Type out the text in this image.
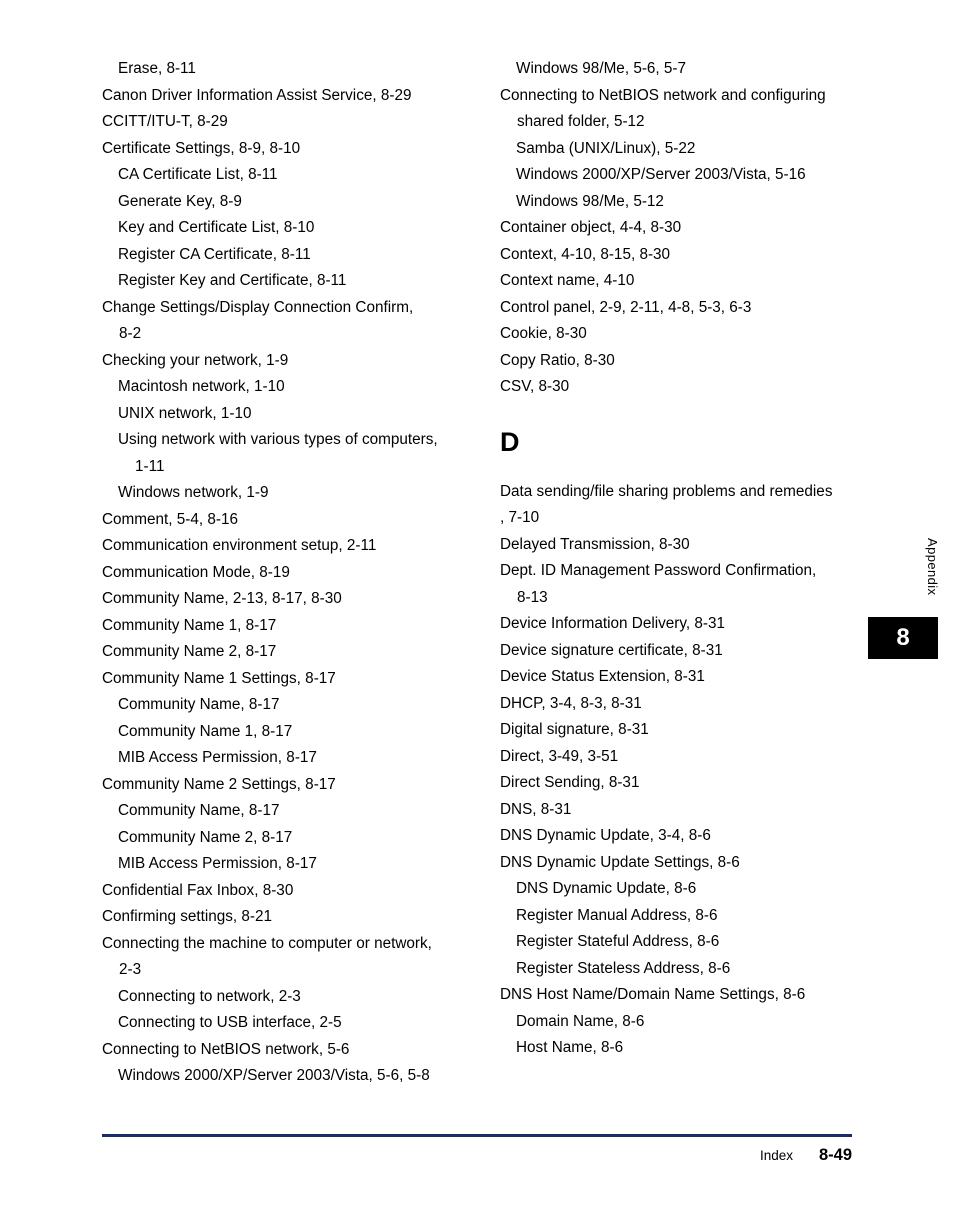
Erase, 8-11
Canon Driver Information Assist Service, 8-29
CCITT/ITU-T, 8-29
Certificate Settings, 8-9, 8-10
CA Certificate List, 8-11
Generate Key, 8-9
Key and Certificate List, 8-10
Register CA Certificate, 8-11
Register Key and Certificate, 8-11
Change Settings/Display Connection Confirm,
8-2
Checking your network, 1-9
Macintosh network, 1-10
UNIX network, 1-10
Using network with various types of computers,
1-11
Windows network, 1-9
Comment, 5-4, 8-16
Communication environment setup, 2-11
Communication Mode, 8-19
Community Name, 2-13, 8-17, 8-30
Community Name 1, 8-17
Community Name 2, 8-17
Community Name 1 Settings, 8-17
Community Name, 8-17
Community Name 1, 8-17
MIB Access Permission, 8-17
Community Name 2 Settings, 8-17
Community Name, 8-17
Community Name 2, 8-17
MIB Access Permission, 8-17
Confidential Fax Inbox, 8-30
Confirming settings, 8-21
Connecting the machine to computer or network,
2-3
Connecting to network, 2-3
Connecting to USB interface, 2-5
Connecting to NetBIOS network, 5-6
Windows 2000/XP/Server 2003/Vista, 5-6, 5-8
Windows 98/Me, 5-6, 5-7
Connecting to NetBIOS network and configuring
shared folder, 5-12
Samba (UNIX/Linux), 5-22
Windows 2000/XP/Server 2003/Vista, 5-16
Windows 98/Me, 5-12
Container object, 4-4, 8-30
Context, 4-10, 8-15, 8-30
Context name, 4-10
Control panel, 2-9, 2-11, 4-8, 5-3, 6-3
Cookie, 8-30
Copy Ratio, 8-30
CSV, 8-30
D
Data sending/file sharing problems and remedies
, 7-10
Delayed Transmission, 8-30
Dept. ID Management Password Confirmation,
8-13
Device Information Delivery, 8-31
Device signature certificate, 8-31
Device Status Extension, 8-31
DHCP, 3-4, 8-3, 8-31
Digital signature, 8-31
Direct, 3-49, 3-51
Direct Sending, 8-31
DNS, 8-31
DNS Dynamic Update, 3-4, 8-6
DNS Dynamic Update Settings, 8-6
DNS Dynamic Update, 8-6
Register Manual Address, 8-6
Register Stateful Address, 8-6
Register Stateless Address, 8-6
DNS Host Name/Domain Name Settings, 8-6
Domain Name, 8-6
Host Name, 8-6
Appendix
8
Index 8-49
